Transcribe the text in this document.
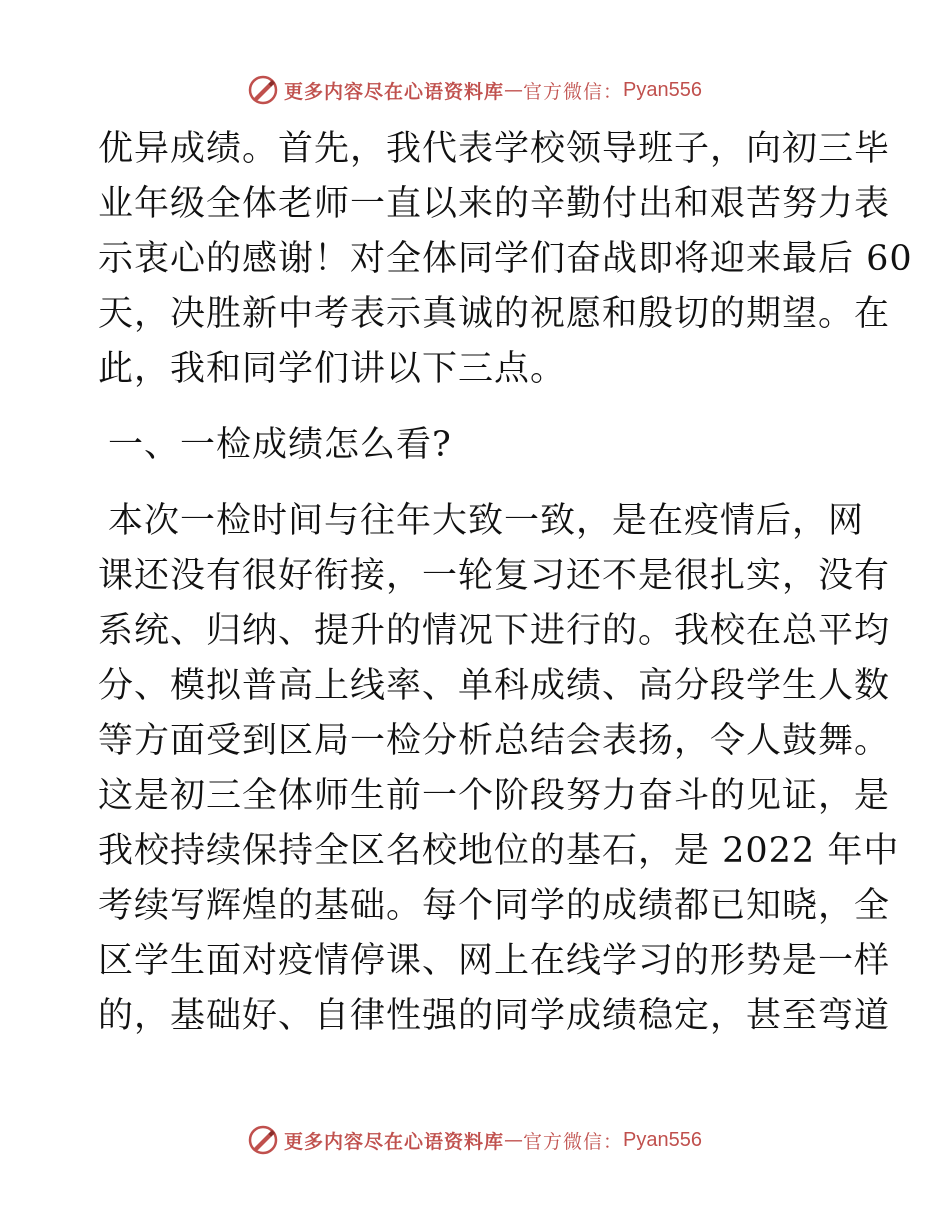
更多内容尽在心语资料库 — 官方微信： Pyan556
优异成绩。首先，我代表学校领导班子，向初三毕
业年级全体老师一直以来的辛勤付出和艰苦努力表
示衷心的感谢！对全体同学们奋战即将迎来最后 60
天，决胜新中考表示真诚的祝愿和殷切的期望。在
此，我和同学们讲以下三点。
一、一检成绩怎么看?
本次一检时间与往年大致一致，是在疫情后，网
课还没有很好衔接，一轮复习还不是很扎实，没有
系统、归纳、提升的情况下进行的。我校在总平均
分、模拟普高上线率、单科成绩、高分段学生人数
等方面受到区局一检分析总结会表扬，令人鼓舞。
这是初三全体师生前一个阶段努力奋斗的见证，是
我校持续保持全区名校地位的基石，是 2022 年中
考续写辉煌的基础。每个同学的成绩都已知晓，全
区学生面对疫情停课、网上在线学习的形势是一样
的，基础好、自律性强的同学成绩稳定，甚至弯道
更多内容尽在心语资料库 — 官方微信： Pyan556
